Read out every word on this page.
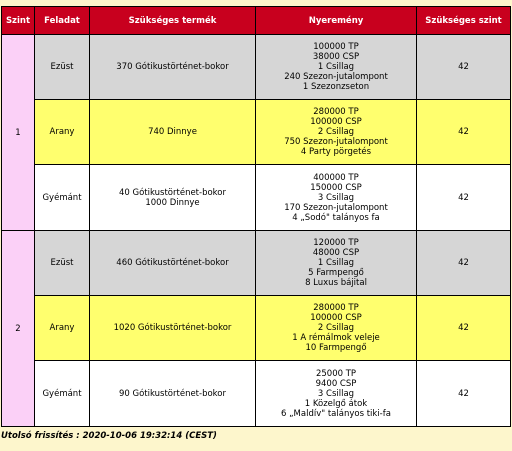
Szint	Feladat	Szükséges termék	Nyeremény	Szükséges szint
1	Ezüst	370 Gótikustörténet-bokor	100000 TP
38000 CSP
1 Csillag
240 Szezon-jutalompont
1 Szezonzseton	42
	Arany	740 Dinnye	280000 TP
100000 CSP
2 Csillag
750 Szezon-jutalompont
4 Party pörgetés	42
	Gyémánt	40 Gótikustörténet-bokor
1000 Dinnye	400000 TP
150000 CSP
3 Csillag
170 Szezon-jutalompont
4 „Sodó" talányos fa	42
2	Ezüst	460 Gótikustörténet-bokor	120000 TP
48000 CSP
1 Csillag
5 Farmpengő
8 Luxus bájital	42
	Arany	1020 Gótikustörténet-bokor	280000 TP
100000 CSP
2 Csillag
1 A rémálmok veleje
10 Farmpengő	42
	Gyémánt	90 Gótikustörténet-bokor	25000 TP
9400 CSP
3 Csillag
1 Közelgő átok
6 „Maldív" talányos tiki-fa	42
Utolsó frissítés : 2020-10-06 19:32:14 (CEST)
